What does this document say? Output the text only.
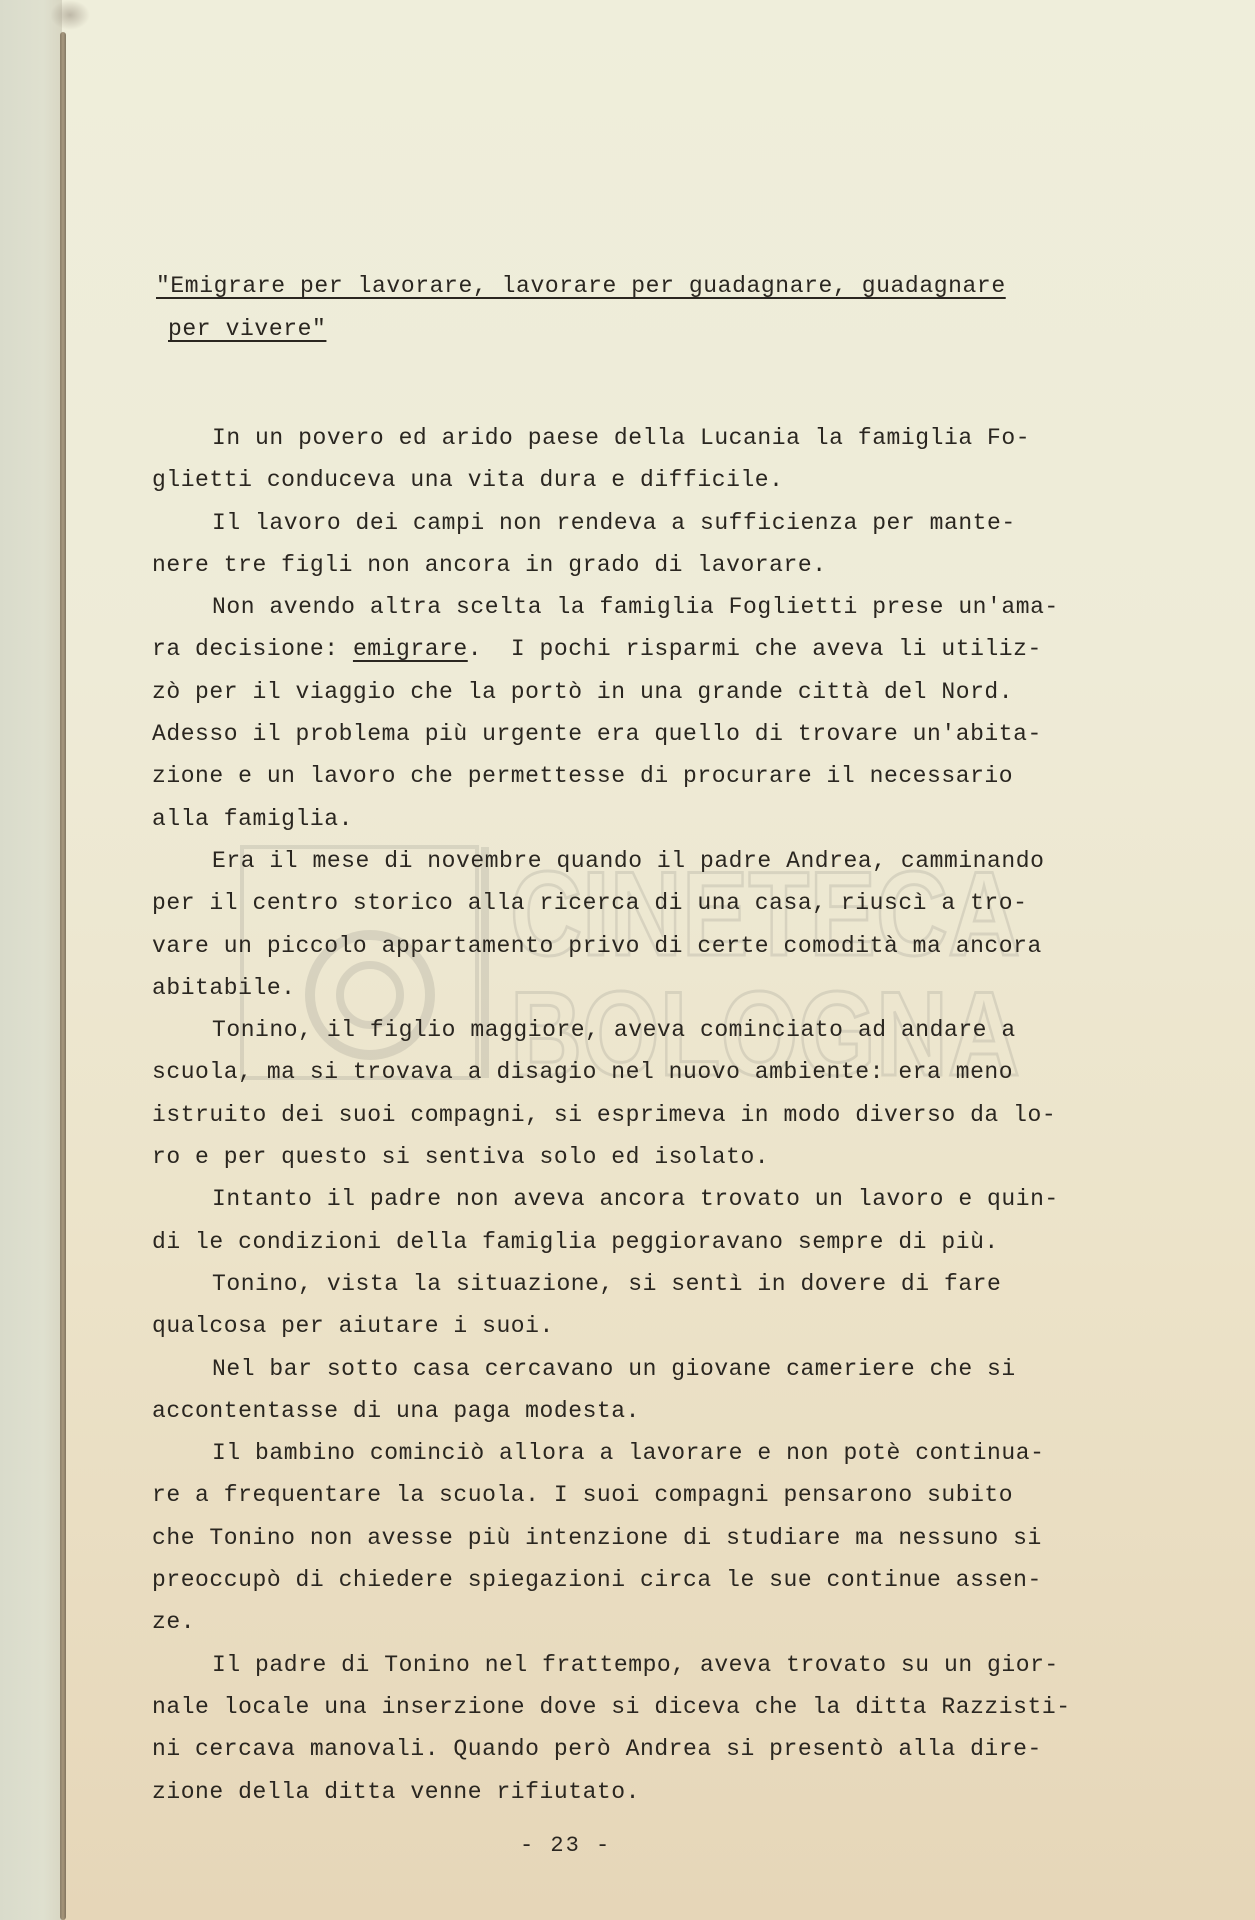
CINETECA
BOLOGNA
"Emigrare per lavorare, lavorare per guadagnare, guadagnare
per vivere"

In un povero ed arido paese della Lucania la famiglia Fo-
glietti conduceva una vita dura e difficile.

Il lavoro dei campi non rendeva a sufficienza per mante-
nere tre figli non ancora in grado di lavorare.

Non avendo altra scelta la famiglia Foglietti prese un'ama-
ra decisione: emigrare.  I pochi risparmi che aveva li utiliz-
zò per il viaggio che la portò in una grande città del Nord.
Adesso il problema più urgente era quello di trovare un'abita-
zione e un lavoro che permettesse di procurare il necessario
alla famiglia.

Era il mese di novembre quando il padre Andrea, camminando
per il centro storico alla ricerca di una casa, riuscì a tro-
vare un piccolo appartamento privo di certe comodità ma ancora
abitabile.

Tonino, il figlio maggiore, aveva cominciato ad andare a
scuola, ma si trovava a disagio nel nuovo ambiente: era meno
istruito dei suoi compagni, si esprimeva in modo diverso da lo-
ro e per questo si sentiva solo ed isolato.

Intanto il padre non aveva ancora trovato un lavoro e quin-
di le condizioni della famiglia peggioravano sempre di più.

Tonino, vista la situazione, si sentì in dovere di fare
qualcosa per aiutare i suoi.

Nel bar sotto casa cercavano un giovane cameriere che si
accontentasse di una paga modesta.

Il bambino cominciò allora a lavorare e non potè continua-
re a frequentare la scuola. I suoi compagni pensarono subito
che Tonino non avesse più intenzione di studiare ma nessuno si
preoccupò di chiedere spiegazioni circa le sue continue assen-
ze.

Il padre di Tonino nel frattempo, aveva trovato su un gior-
nale locale una inserzione dove si diceva che la ditta Razzisti-
ni cercava manovali. Quando però Andrea si presentò alla dire-
zione della ditta venne rifiutato.

- 23 -
